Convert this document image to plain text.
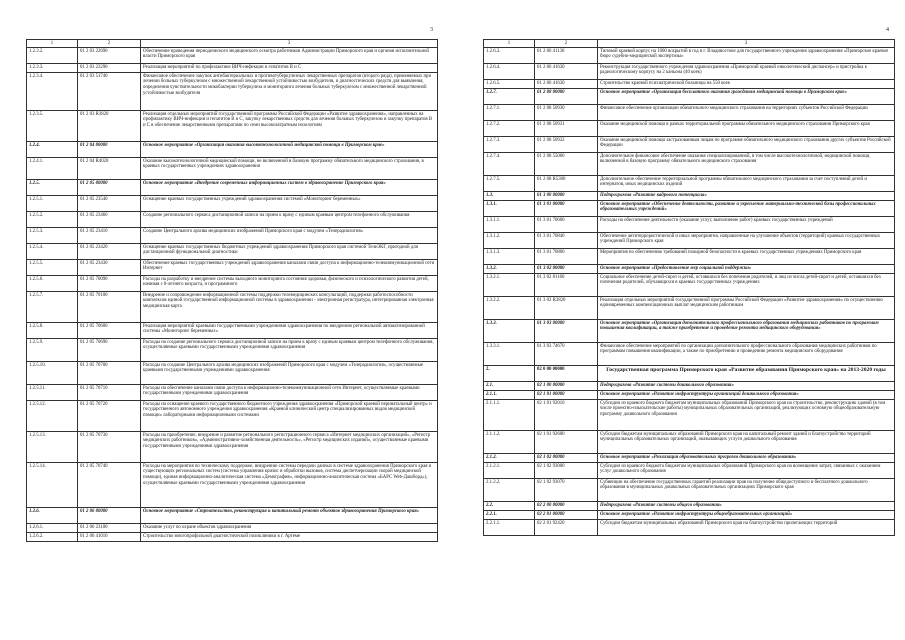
3
1	2	3
1.2.3.2.	01 2 03 22690	Обеспечение проведения периодического медицинского осмотра работников Администрации Приморского края и органов исполнительной власти Приморского края
1.2.3.3.	01 2 03 23290	Реализация мероприятий по профилактике ВИЧ-инфекции и гепатитов В и С
1.2.3.4.	01 2 03 51740	Финансовое обеспечение закупок антибактериальных и противотуберкулезных лекарственных препаратов (второго ряда), применяемых при лечении больных туберкулезом с множественной лекарственной устойчивостью возбудителя, и диагностических средств для выявления, определения чувствительности микобактерии туберкулеза и мониторинга лечения больных туберкулезом с множественной лекарственной устойчивостью возбудителя
1.2.3.5.	01 2 03 R3820	Реализация отдельных мероприятий государственной программы Российской Федерации «Развитие здравоохранения», направленных на профилактику ВИЧ-инфекции и гепатитов В и С, закупку лекарственных средств для лечения больных туберкулезом и закупку препаратов B и C в обеспечение лекарственными препаратами по семи высокозатратным нозологиям
1.2.4.	01 2 04 00000	Основное мероприятие «Организация оказания высокотехнологичной медицинской помощи в Приморском крае»
1.2.4.1.	01 2 04 R4020	Оказание высокотехнологичной медицинской помощи, не включенной в базовую программу обязательного медицинского страхования, в краевых государственных учреждениях здравоохранения
1.2.5.	01 2 05 00000	Основное мероприятие «Внедрение современных информационных систем в здравоохранение Приморского края»
1.2.5.1.	01 2 05 23540	Оснащение краевых государственных учреждений здравоохранения системой «Мониторинг беременных»
1.2.5.2.	01 2 05 23460	Создание регионального сервиса дистанционной записи на прием к врачу с единым краевым центром телефонного обслуживания
1.2.5.3.	01 2 05 23410	Создание Центрального архива медицинских изображений Приморского края с модулем «Телерадиология»
1.2.5.4.	01 2 05 23420	Оснащение краевых государственных бюджетных учреждений здравоохранения Приморского края системой ТелеЭКГ, пригодной для дистанционной функциональной диагностики
1.2.5.5.	01 2 05 23430	Обеспечение краевых государственных учреждений здравоохранения каналами связи доступа к информационно-телекоммуникационной сети Интернет
1.2.5.6.	01 2 05 70090	Расходы на разработку и внедрение системы выходного мониторинга состояния здоровья, физического и психологического развития детей, начиная с 0-летнего возраста, и программного
1.2.5.7.	01 2 05 70100	Внедрение и сопровождение информационной системы поддержки телемедицинских консультаций, поддержки работоспособности комплексов единой государственной информационной системы в здравоохранении - электронная регистратура, интегрированная электронная медицинская карта
1.2.5.8.	01 2 05 70600	Реализация мероприятий краевыми государственными учреждениями здравоохранения по внедрению региональной автоматизированной системы «Мониторинг беременных»
1.2.5.9.	01 2 05 70690	Расходы на создание регионального сервиса дистанционной записи на прием к врачу с единым краевым центром телефонного обслуживания, осуществляемые краевыми государственными учреждениями здравоохранения
1.2.5.10.	01 2 05 70700	Расходы на создание Центрального архива медицинских изображений Приморского края с модулем «Телерадиология», осуществляемые краевыми государственными учреждениями здравоохранения
1.2.5.11.	01 2 05 70710	Расходы на обеспечение каналами связи доступа к информационно-телекоммуникационной сети Интернет, осуществляемые краевыми государственными учреждениями здравоохранения
1.2.5.12.	01 2 05 70720	Расходы на оснащение краевого государственного бюджетного учреждения здравоохранения «Приморской краевой перинатальный центр» и государственного автономного учреждения здравоохранения «Краевой клинический центр специализированных видов медицинской помощи» лабораторными информационными системами
1.2.5.13.	01 2 05 70730	Расходы на приобретение, внедрение и развитие регионального регистрационного сервиса «Интернет медицинских организаций», «Регистр медицинских работников», «Административно-хозяйственная деятельность», «Регистр медицинских изданий», осуществляемые краевыми государственными учреждениями здравоохранения
1.2.5.14.	01 2 05 70740	Расходы на мероприятия по техническому поддержке, внедрению системы передачи данных в системе здравоохранения Приморского края и существующих региональных систем (система управления кризис и обработки вызовов, система диспетчеризации скорой медицинской помощи), единая информационно-аналитическая система «Демография», информационно-аналитическая система «БАРС Web-Дашборд»), осуществляемые краевыми государственными учреждениями здравоохранения
1.2.6.	01 2 06 00000	Основное мероприятие «Строительство, реконструкция и капитальный ремонт объектов здравоохранения Приморского края»
1.2.6.1.	01 2 06 23100	Оказание услуг по охране объектов здравоохранения
1.2.6.2.	01 2 06 41010	Строительство многопрофильной диагностической поликлиники в г. Артеме
4
1	2	3
1.2.6.3.	01 2 06 41130	Типовой краевой корпус на 1000 вскрытий в год в г. Владивостоке для государственного учреждения здравоохранения «Приморское краевое бюро судебно-медицинской экспертизы»
1.2.6.4.	01 2 06 41630	Реконструкция государственного учреждения здравоохранения «Приморский краевой онкологический диспансер» и пристройка к радиологическому корпусу на 2 каньона (40 коек)
1.2.6.5.	01 2 06 41630	Строительство краевой психиатрической больницы на 550 коек
1.2.7.	01 2 08 00000	Основное мероприятие «Организация бесплатного оказания гражданам медицинской помощи в Приморском крае»
1.2.7.1.	01 2 08 50930	Финансовое обеспечение организации обязательного медицинского страхования на территориях субъектов Российской Федерации
1.2.7.2.	01 2 08 50931	Оказание медицинской помощи в рамках территориальной программы обязательного медицинского страхования Приморского края
1.2.7.3.	01 2 08 50932	Оказание медицинской помощи застрахованным лицам по программе обязательного медицинского страхования других субъектов Российской Федерации
1.2.7.4.	01 2 08 55060	Дополнительное финансовое обеспечение оказания специализированной, в том числе высокотехнологичной, медицинской помощи, включенной в базовую программу обязательного медицинского страхования
1.2.7.5.	01 2 08 R5300	Дополнительное обеспечение территориальной программы обязательного медицинского страхования за счет поступлений детей и интернатов, иных медицинских изделий
1.3.	01 3 00 00000	Подпрограмма «Развитие кадрового потенциала»
1.3.1.	01 3 01 00000	Основное мероприятие «Обеспечение деятельности, развитие и укрепление материально-технической базы профессиональных образовательных учреждений»
1.3.1.1.	01 3 01 70600	Расходы на обеспечение деятельности (оказание услуг, выполнение работ) краевых государственных учреждений
1.3.1.2.	01 3 01 70840	Обеспечение антитеррористической и иных мероприятия, направленные на улучшение объектов (территорий) краевых государственных учреждений Приморского края
1.3.1.3.	01 3 01 70800	Мероприятия по обеспечению требований пожарной безопасности в краевых государственных учреждениях Приморского края
1.3.2.	01 3 02 00000	Основное мероприятие «Предоставление мер социальной поддержки»
1.3.2.1.	01 3 02 81160	Социальное обеспечение детей-сирот и детей, оставшихся без попечения родителей, и лиц из числа детей-сирот и детей, оставшихся без попечения родителей, обучающихся в краевых государственных учреждениях
1.3.2.2.	01 3 02 R3820	Реализация отдельных мероприятий государственной программы Российской Федерации «Развитие здравоохранения» по осуществлению единовременных компенсационных выплат медицинским работникам
1.3.3.	01 3 03 00000	Основное мероприятие «Организация дополнительного профессионального образования медицинских работников по программам повышения квалификации, а также приобретение и проведение ремонта медицинского оборудования»
1.3.3.1.	01 3 03 74670	Финансовое обеспечение мероприятий по организации дополнительного профессионального образования медицинских работников по программам повышения квалификации, а также по приобретению и проведению ремонта медицинского оборудования
2.	02 0 00 00000	Государственная программа Приморского края «Развитие образования Приморского края» на 2013-2020 годы
2.1.	02 1 00 00000	Подпрограмма «Развитие системы дошкольного образования»
2.1.1.	02 1 01 00000	Основное мероприятие «Развитие инфраструктуры организаций дошкольного образования»
2.1.1.1.	02 1 01 92010	Субсидии из краевого бюджета бюджетам муниципальных образований Приморского края на строительство, реконструкцию зданий (в том числе проектно-изыскательские работы) муниципальных образовательных организаций, реализующих основную общеобразовательную программу дошкольного образования
2.1.1.2.	02 1 01 92600	Субсидии бюджетам муниципальных образований Приморского края на капитальный ремонт зданий и благоустройство территорий муниципальных образовательных организаций, оказывающих услуги дошкольного образования
2.1.2.	02 1 02 00000	Основное мероприятие «Реализация образовательных программ дошкольного образования»
2.1.2.1.	02 1 02 93000	Субсидии из краевого бюджета бюджетам муниципальных образований Приморского края на возмещение затрат, связанных с оказанием услуг дошкольного образования
2.1.2.2.	02 1 02 93070	Субвенции на обеспечение государственных гарантий реализации прав на получение общедоступного и бесплатного дошкольного образования в муниципальных дошкольных образовательных организациях Приморского края
2.2.	02 2 00 00000	Подпрограмма «Развитие системы общего образования»
2.2.1.	02 2 01 00000	Основное мероприятие «Развитие инфраструктуры общеобразовательных организаций»
2.2.1.1.	02 2 01 92420	Субсидии бюджетам муниципальных образований Приморского края на благоустройство прилегающих территорий
